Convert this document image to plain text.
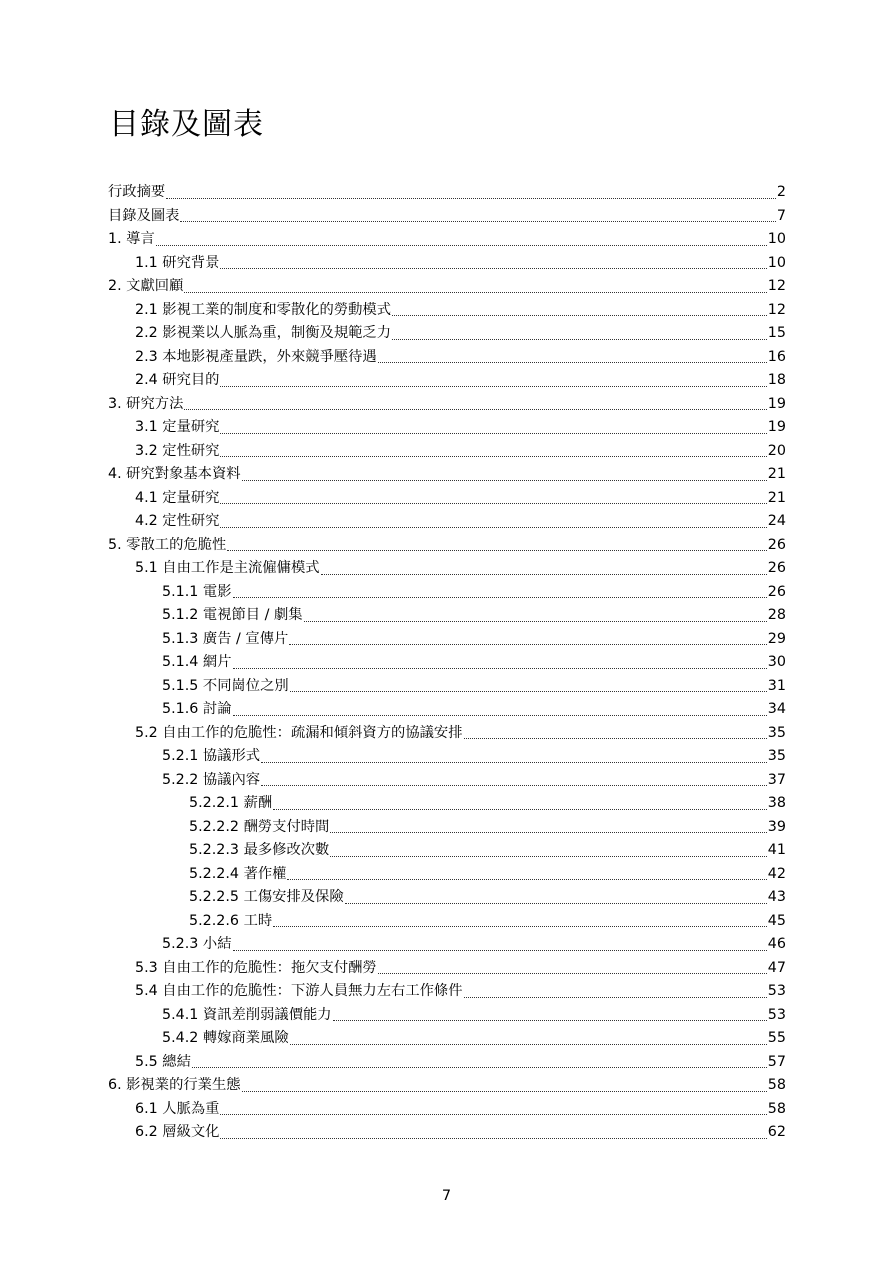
目錄及圖表
行政摘要	2
目錄及圖表	7
1. 導言	10
1.1 研究背景	10
2. 文獻回顧	12
2.1 影視工業的制度和零散化的勞動模式	12
2.2 影視業以人脈為重，制衡及規範乏力	15
2.3 本地影視產量跌，外來競爭壓待遇	16
2.4 研究目的	18
3. 研究方法	19
3.1 定量研究	19
3.2 定性研究	20
4. 研究對象基本資料	21
4.1 定量研究	21
4.2 定性研究	24
5. 零散工的危脆性	26
5.1 自由工作是主流僱傭模式	26
5.1.1 電影	26
5.1.2 電視節目 / 劇集	28
5.1.3 廣告 / 宣傳片	29
5.1.4 網片	30
5.1.5 不同崗位之別	31
5.1.6 討論	34
5.2 自由工作的危脆性：疏漏和傾斜資方的協議安排	35
5.2.1 協議形式	35
5.2.2 協議內容	37
5.2.2.1 薪酬	38
5.2.2.2 酬勞支付時間	39
5.2.2.3 最多修改次數	41
5.2.2.4 著作權	42
5.2.2.5 工傷安排及保險	43
5.2.2.6 工時	45
5.2.3 小結	46
5.3 自由工作的危脆性：拖欠支付酬勞	47
5.4 自由工作的危脆性：下游人員無力左右工作條件	53
5.4.1 資訊差削弱議價能力	53
5.4.2 轉嫁商業風險	55
5.5 總結	57
6. 影視業的行業生態	58
6.1 人脈為重	58
6.2 層級文化	62
7
